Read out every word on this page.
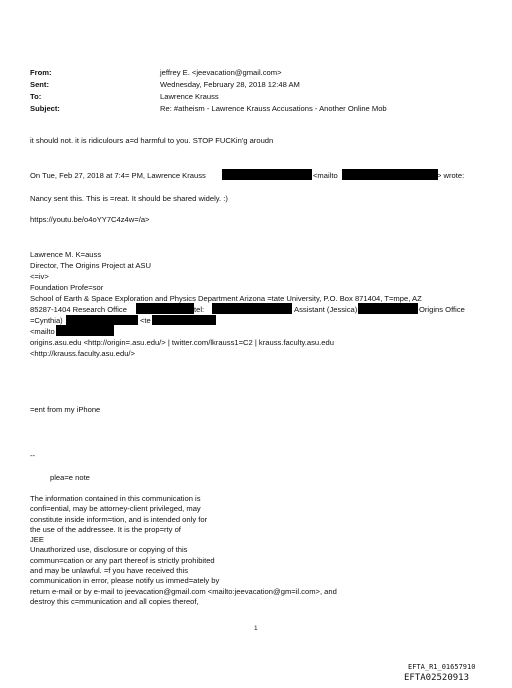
From:	jeffrey E. <jeevacation@gmail.com>
Sent:	Wednesday, February 28, 2018 12:48 AM
To:	Lawrence Krauss
Subject:	Re: #atheism - Lawrence Krauss Accusations - Another Online Mob
it should not. it is ridiculours a=d harmful to you. STOP FUCKin'g aroudn
On Tue, Feb 27, 2018 at 7:4= PM, Lawrence Krauss	<mailto	> wrote:
Nancy sent this. This is =reat. It should be shared widely. :)
https://youtu.be/o4oYY7C4z4w=/a>
Lawrence M. K=auss
Director, The Origins Project at ASU
<=iv>
Foundation Profe=sor
School of Earth & Space Exploration and Physics Department Arizona =tate University, P.O. Box 871404, T=mpe, AZ
85287-1404 Research Office	tel:	Assistant (Jessica)	Origins Office
=Cynthia)	<te
<mailto
origins.asu.edu <http://origin=.asu.edu/> | twitter.com/lkrauss1=C2 | krauss.faculty.asu.edu
<http://krauss.faculty.asu.edu/>
=ent from my iPhone
--
plea=e note
The information contained in this communication is
confi=ential, may be attorney-client privileged, may
constitute inside inform=tion, and is intended only for
the use of the addressee. It is the prop=rty of
JEE
Unauthorized use, disclosure or copying of this
commun=cation or any part thereof is strictly prohibited
and may be unlawful. =f you have received this
communication in error, please notify us immed=ately by
return e-mail or by e-mail to jeevacation@gmail.com <mailto:jeevacation@gm=il.com>, and
destroy this c=mmunication and all copies thereof,
1
EFTA_R1_01657910
EFTA02520913
